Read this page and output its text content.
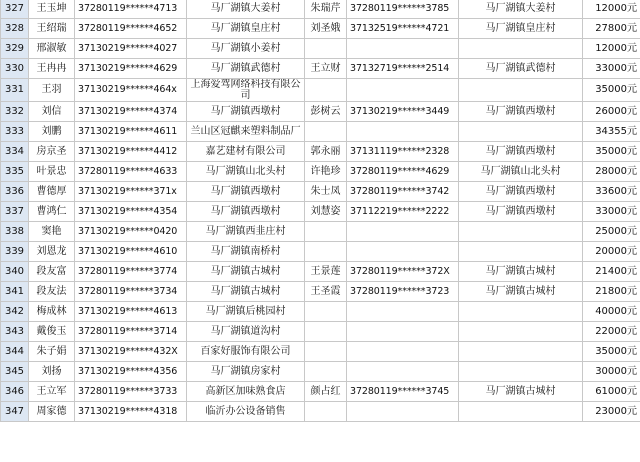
327	王玉坤	37280119******4713	马厂湖镇大姜村	朱瑞芹	37280119******3785	马厂湖镇大姜村	12000元
328	王绍瑞	37280119******4652	马厂湖镇皇庄村	刘圣娥	37132519******4721	马厂湖镇皇庄村	27800元
329	邢淑敏	37130219******4027	马厂湖镇小姜村				12000元
330	王冉冉	37130219******4629	马厂湖镇武德村	王立财	37132719******2514	马厂湖镇武德村	33000元
331	王羽	37130219******464x	上海爱驾网络科技有限公司				35000元
332	刘信	37130219******4374	马厂湖镇西墩村	彭树云	37130219******3449	马厂湖镇西墩村	26000元
333	刘鹏	37130219******4611	兰山区冠麒来塑料制品厂				34355元
334	房京圣	37130219******4412	嘉艺建材有限公司	郭永丽	37131119******2328	马厂湖镇西墩村	35000元
335	叶景忠	37280119******4633	马厂湖镇山北头村	许艳珍	37280119******4629	马厂湖镇山北头村	28000元
336	曹德厚	37130219******371x	马厂湖镇西墩村	朱士凤	37280119******3742	马厂湖镇西墩村	33600元
337	曹鸿仁	37130219******4354	马厂湖镇西墩村	刘慧姿	37112219******2222	马厂湖镇西墩村	33000元
338	窦艳	37130219******0420	马厂湖镇西韭庄村				25000元
339	刘恩龙	37130219******4610	马厂湖镇南桥村				20000元
340	段友富	37280119******3774	马厂湖镇古城村	王景莲	37280119******372X	马厂湖镇古城村	21400元
341	段友法	37280119******3734	马厂湖镇古城村	王圣霞	37280119******3723	马厂湖镇古城村	21800元
342	梅成林	37130219******4613	马厂湖镇后桃园村				40000元
343	戴俊玉	37280119******3714	马厂湖镇道沟村				22000元
344	朱子娟	37130219******432X	百家好服饰有限公司				35000元
345	刘扬	37130219******4356	马厂湖镇房家村				30000元
346	王立军	37280119******3733	高新区加味熟食店	颜占红	37280119******3745	马厂湖镇古城村	61000元
347	周家德	37130219******4318	临沂办公设备销售				23000元
